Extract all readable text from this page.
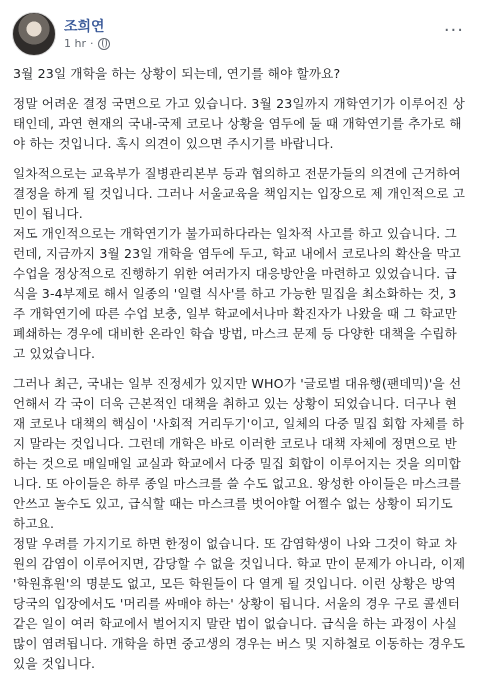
조희연
1 hr ·
···

3월 23일 개학을 하는 상황이 되는데, 연기를 해야 할까요?

정말 어려운 결정 국면으로 가고 있습니다. 3월 23일까지 개학연기가 이루어진 상태인데, 과연 현재의 국내-국제 코로나 상황을 염두에 둘 때 개학연기를 추가로 해야 하는 것입니다. 혹시 의견이 있으면 주시기를 바랍니다.

일차적으로는 교육부가 질병관리본부 등과 협의하고 전문가들의 의견에 근거하여 결정을 하게 될 것입니다. 그러나 서울교육을 책임지는 입장으로 제 개인적으로 고민이 됩니다.

저도 개인적으로는 개학연기가 불가피하다라는 일차적 사고를 하고 있습니다. 그런데, 지금까지 3월 23일 개학을 염두에 두고, 학교 내에서 코로나의 확산을 막고 수업을 정상적으로 진행하기 위한 여러가지 대응방안을 마련하고 있었습니다. 급식을 3-4부제로 해서 일종의 '일렬 식사'를 하고 가능한 밀집을 최소화하는 것, 3주 개학연기에 따른 수업 보충, 일부 학교에서나마 확진자가 나왔을 때 그 학교만 폐쇄하는 경우에 대비한 온라인 학습 방법, 마스크 문제 등 다양한 대책을 수립하고 있었습니다.

그러나 최근, 국내는 일부 진정세가 있지만 WHO가 '글로벌 대유행(팬데믹)'을 선언해서 각 국이 더욱 근본적인 대책을 취하고 있는 상황이 되었습니다. 더구나 현재 코로나 대책의 핵심이 '사회적 거리두기'이고, 일체의 다중 밀집 회합 자체를 하지 말라는 것입니다. 그런데 개학은 바로 이러한 코로나 대책 자체에 정면으로 반하는 것으로 매일매일 교실과 학교에서 다중 밀집 회합이 이루어지는 것을 의미합니다. 또 아이들은 하루 종일 마스크를 쓸 수도 없고요. 왕성한 아이들은 마스크를 안쓰고 놀수도 있고, 급식할 때는 마스크를 벗어야할 어쩔수 없는 상황이 되기도 하고요.

정말 우려를 가지기로 하면 한정이 없습니다. 또 감염학생이 나와 그것이 학교 차원의 감염이 이루어지면, 감당할 수 없을 것입니다. 학교 만이 문제가 아니라, 이제 '학원휴원'의 명분도 없고, 모든 학원들이 다 열게 될 것입니다. 이런 상황은 방역당국의 입장에서도 '머리를 싸매야 하는' 상황이 됩니다. 서울의 경우 구로 콜센터 같은 일이 여러 학교에서 벌어지지 말란 법이 없습니다. 급식을 하는 과정이 사실 많이 염려됩니다. 개학을 하면 중고생의 경우는 버스 및 지하철로 이동하는 경우도 있을 것입니다.
